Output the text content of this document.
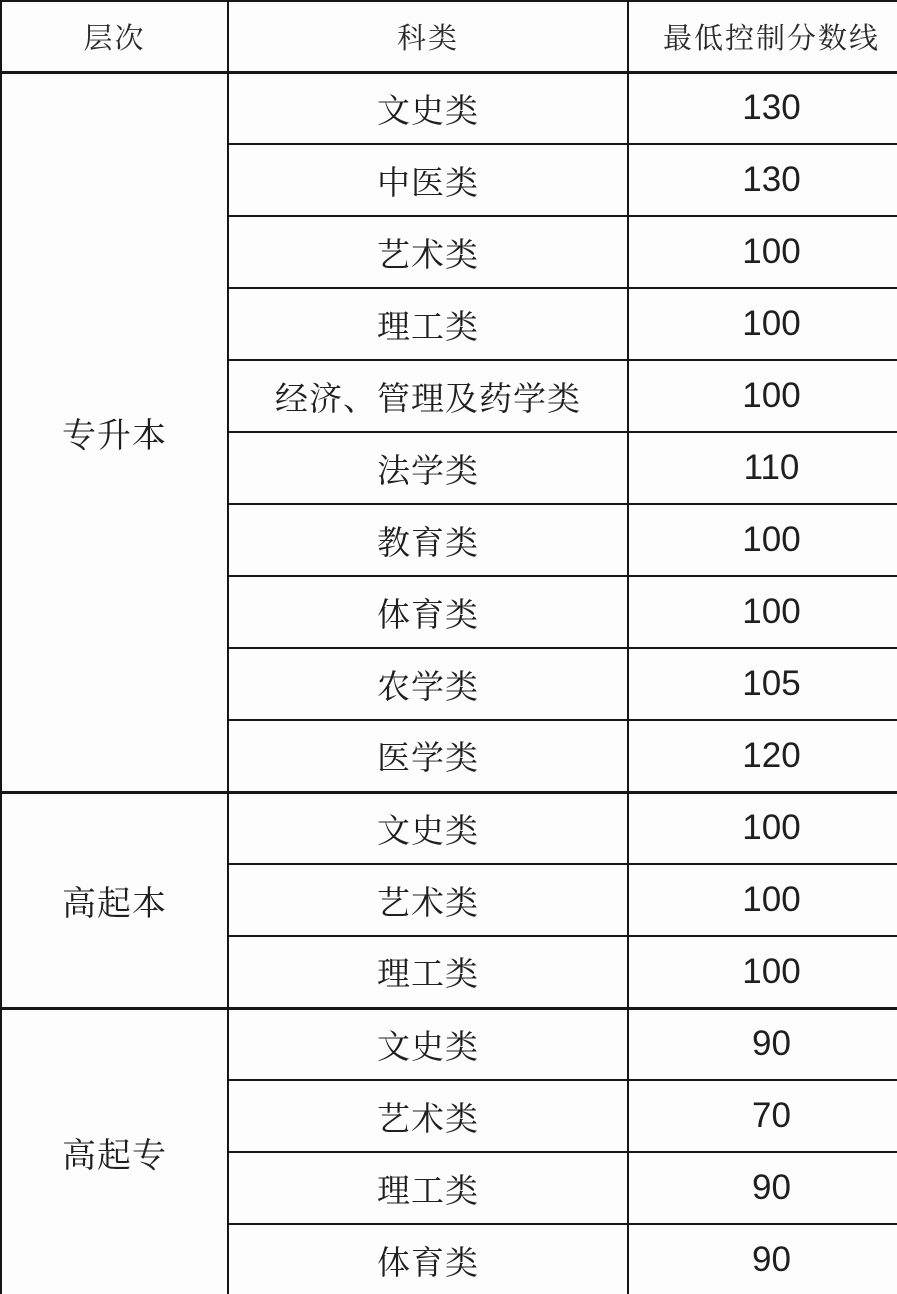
层次	科类	最低控制分数线
专升本	文史类	130
	中医类	130
	艺术类	100
	理工类	100
	经济、管理及药学类	100
	法学类	110
	教育类	100
	体育类	100
	农学类	105
	医学类	120
高起本	文史类	100
	艺术类	100
	理工类	100
高起专	文史类	90
	艺术类	70
	理工类	90
	体育类	90
